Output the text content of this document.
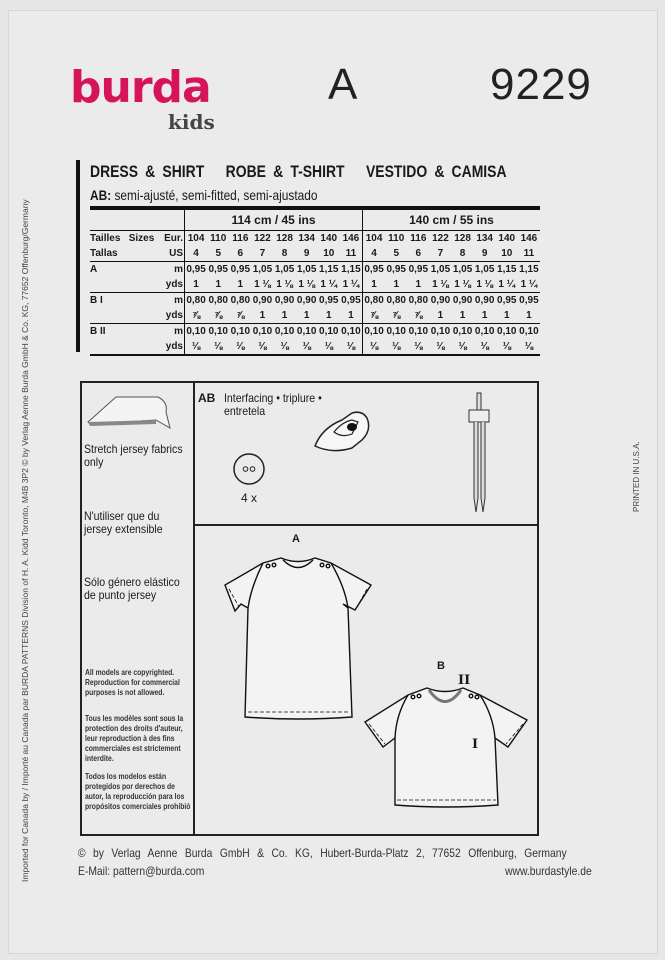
burda
kids
A	9229
Imported for Canada by / Importé au Canada par BURDA PATTERNS Division of H. A. Kidd Toronto, M4B 3P2 © by Verlag Aenne Burda GmbH & Co. KG, 77652 Offenburg/Germany	PRINTED IN U.S.A.
DRESS & SHIRT   ROBE & T-SHIRT   VESTIDO & CAMISA
AB: semi-ajusté, semi-fitted, semi-ajustado
		114 cm / 45 ins								140 cm / 55 ins							
Tailles   Sizes	Eur.	104	110	116	122	128	134	140	146	104	110	116	122	128	134	140	146
Tallas	US	4	5	6	7	8	9	10	11	4	5	6	7	8	9	10	11
A	m	0,95	0,95	0,95	1,05	1,05	1,05	1,15	1,15	0,95	0,95	0,95	1,05	1,05	1,05	1,15	1,15
	yds	1	1	1	1 ⅛	1 ⅛	1 ⅛	1 ¼	1 ¼	1	1	1	1 ⅛	1 ⅛	1 ⅛	1 ¼	1 ¼
B I	m	0,80	0,80	0,80	0,90	0,90	0,90	0,95	0,95	0,80	0,80	0,80	0,90	0,90	0,90	0,95	0,95
	yds	⅞	⅞	⅞	1	1	1	1	1	⅞	⅞	⅞	1	1	1	1	1
B II	m	0,10	0,10	0,10	0,10	0,10	0,10	0,10	0,10	0,10	0,10	0,10	0,10	0,10	0,10	0,10	0,10
	yds	⅛	⅛	⅛	⅛	⅛	⅛	⅛	⅛	⅛	⅛	⅛	⅛	⅛	⅛	⅛	⅛
Stretch jersey fabrics only
N'utiliser que du jersey extensible
Sólo género elástico de punto jersey
All models are copyrighted. Reproduction for commercial purposes is not allowed.
Tous les modèles sont sous la protection des droits d'auteur, leur reproduction à des fins commerciales est strictement interdite.
Todos los modelos están protegidos por derechos de autor, la reproducción para los propósitos comerciales prohibió
AB Interfacing • triplure •
entretela
4 x
A
B
II
I
©  by  Verlag  Aenne  Burda  GmbH  &  Co.  KG,  Hubert-Burda-Platz  2,  77652  Offenburg,  Germany
E-Mail: pattern@burda.com	www.burdastyle.de
